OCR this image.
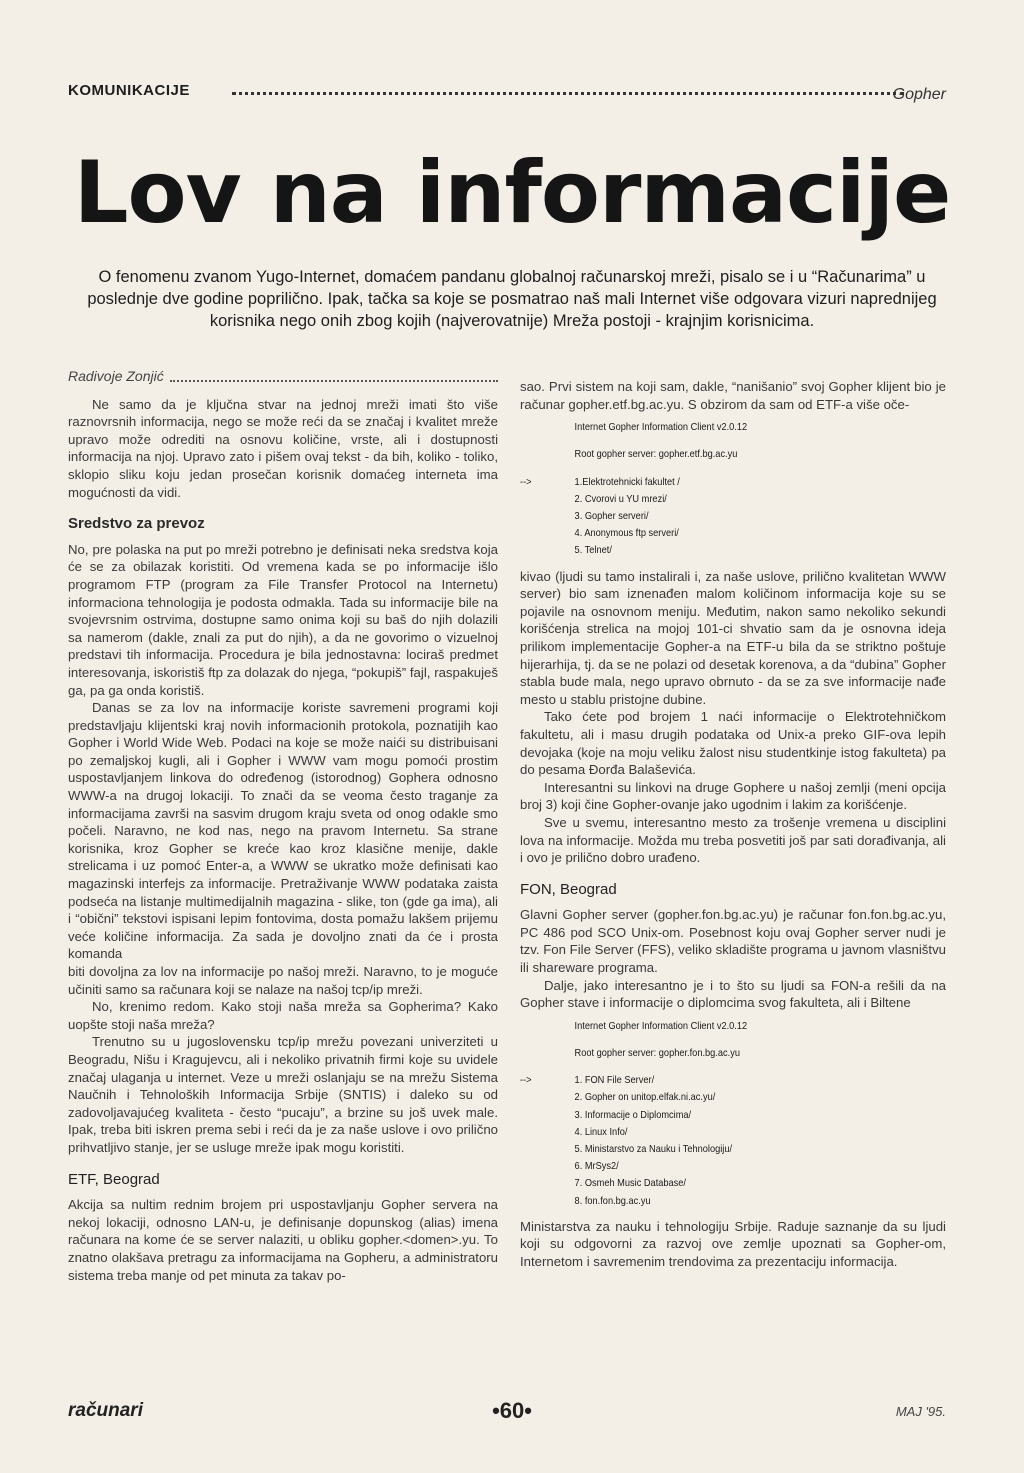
KOMUNIKACIJE	Gopher
Lov na informacije
O fenomenu zvanom Yugo-Internet, domaćem pandanu globalnoj računarskoj mreži, pisalo se i u “Računarima” u poslednje dve godine poprilično. Ipak, tačka sa koje se posmatrao naš mali Internet više odgovara vizuri naprednijeg korisnika nego onih zbog kojih (najverovatnije) Mreža postoji - krajnjim korisnicima.
Radivoje Zonjić

Ne samo da je ključna stvar na jednoj mreži imati što više raznovrsnih informacija, nego se može reći da se značaj i kvalitet mreže upravo može odrediti na osnovu količine, vrste, ali i dostupnosti informacija na njoj. Upravo zato i pišem ovaj tekst - da bih, koliko - toliko, sklopio sliku koju jedan prosečan korisnik domaćeg interneta ima mogućnosti da vidi.

Sredstvo za prevoz

No, pre polaska na put po mreži potrebno je definisati neka sredstva koja će se za obilazak koristiti. Od vremena kada se po informacije išlo programom FTP (program za File Transfer Protocol na Internetu) informaciona tehnologija je podosta odmakla. Tada su informacije bile na svojevrsnim ostrvima, dostupne samo onima koji su baš do njih dolazili sa namerom (dakle, znali za put do njih), a da ne govorimo o vizuelnoj predstavi tih informacija. Procedura je bila jednostavna: locirаš predmet interesovanja, iskoristiš ftp za dolazak do njega, “pokupiš” fajl, raspakuješ ga, pa ga onda koristiš.

Danas se za lov na informacije koriste savremeni programi koji predstavljaju klijentski kraj novih informacionih protokola, poznatijih kao Gopher i World Wide Web. Podaci na koje se može naići su distribuisani po zemaljskoj kugli, ali i Gopher i WWW vam mogu pomoći prostim uspostavljanjem linkova do određenog (istorodnog) Gophera odnosno WWW-a na drugoj lokaciji. To znači da se veoma često traganje za informacijama završi na sasvim drugom kraju sveta od onog odakle smo počeli. Naravno, ne kod nas, nego na pravom Internetu. Sa strane korisnika, kroz Gopher se kreće kao kroz klasične menije, dakle strelicama i uz pomoć Enter-a, a WWW se ukratko može definisati kao magazinski interfejs za informacije. Pretraživanje WWW podataka zaista podseća na listanje multimedijalnih magazina - slike, ton (gde ga ima), ali i “obični” tekstovi ispisani lepim fontovima, dosta pomažu lakšem prijemu veće količine informacija. Za sada je dovoljno znati da će i prosta komanda

biti dovoljna za lov na informacije po našoj mreži. Naravno, to je moguće učiniti samo sa računara koji se nalaze na našoj tcp/ip mreži.

No, krenimo redom. Kako stoji naša mreža sa Gopherima? Kako uopšte stoji naša mreža?

Trenutno su u jugoslovensku tcp/ip mrežu povezani univerziteti u Beogradu, Nišu i Kragujevcu, ali i nekoliko privatnih firmi koje su uvidele značaj ulaganja u internet. Veze u mreži oslanjaju se na mrežu Sistema Naučnih i Tehnoloških Informacija Srbije (SNTIS) i daleko su od zadovoljavajućeg kvaliteta - često “pucaju”, a brzine su još uvek male. Ipak, treba biti iskren prema sebi i reći da je za naše uslove i ovo prilično prihvatljivo stanje, jer se usluge mreže ipak mogu koristiti.

ETF, Beograd

Akcija sa nultim rednim brojem pri uspostavljanju Gopher servera na nekoj lokaciji, odnosno LAN-u, je definisanje dopunskog (alias) imena računara na kome će se server nalaziti, u obliku gopher.<domen>.yu. To znatno olakšava pretragu za informacijama na Gopheru, a administratoru sistema treba manje od pet minuta za takav po-

sao. Prvi sistem na koji sam, dakle, “nanišanio” svoj Gopher klijent bio je računar gopher.etf.bg.ac.yu. S obzirom da sam od ETF-a više oče-

Internet Gopher Information Client v2.0.12
Root gopher server: gopher.etf.bg.ac.yu
-->	1.Elektrotehnicki fakultet /
2. Cvorovi u YU mrezi/
3. Gopher serveri/
4. Anonymous ftp serveri/
5. Telnet/

kivao (ljudi su tamo instalirali i, za naše uslove, prilično kvalitetan WWW server) bio sam iznenađen malom količinom informacija koje su se pojavile na osnovnom meniju. Međutim, nakon samo nekoliko sekundi korišćenja strelica na mojoj 101-ci shvatio sam da je osnovna ideja prilikom implementacije Gopher-a na ETF-u bila da se striktno poštuje hijerarhija, tj. da se ne polazi od desetak korenova, a da “dubina” Gopher stabla bude mala, nego upravo obrnuto - da se za sve informacije nađe mesto u stablu pristojne dubine.

Tako ćete pod brojem 1 naći informacije o Elektrotehničkom fakultetu, ali i masu drugih podataka od Unix-a preko GIF-ova lepih devojaka (koje na moju veliku žalost nisu studentkinje istog fakulteta) pa do pesama Đorđa Balaševića.

Interesantni su linkovi na druge Gophere u našoj zemlji (meni opcija broj 3) koji čine Gopher-ovanje jako ugodnim i lakim za korišćenje.

Sve u svemu, interesantno mesto za trošenje vremena u disciplini lova na informacije. Možda mu treba posvetiti još par sati dorađivanja, ali i ovo je prilično dobro urađeno.

FON, Beograd

Glavni Gopher server (gopher.fon.bg.ac.yu) je računar fon.fon.bg.ac.yu, PC 486 pod SCO Unix-om. Posebnost koju ovaj Gopher server nudi je tzv. Fon File Server (FFS), veliko skladište programa u javnom vlasništvu ili shareware programa.

Dalje, jako interesantno je i to što su ljudi sa FON-a rešili da na Gopher stave i informacije o diplomcima svog fakulteta, ali i Biltene

Internet Gopher Information Client v2.0.12
Root gopher server: gopher.fon.bg.ac.yu
-->	1. FON File Server/
2. Gopher on unitop.elfak.ni.ac.yu/
3. Informacije o Diplomcima/
4. Linux Info/
5. Ministarstvo za Nauku i Tehnologiju/
6. MrSys2/
7. Osmeh Music Database/
8. fon.fon.bg.ac.yu

Ministarstva za nauku i tehnologiju Srbije. Raduje saznanje da su ljudi koji su odgovorni za razvoj ove zemlje upoznati sa Gopher-om, Internetom i savremenim trendovima za prezentaciju informacija.

računari	•60•	MAJ '95.
